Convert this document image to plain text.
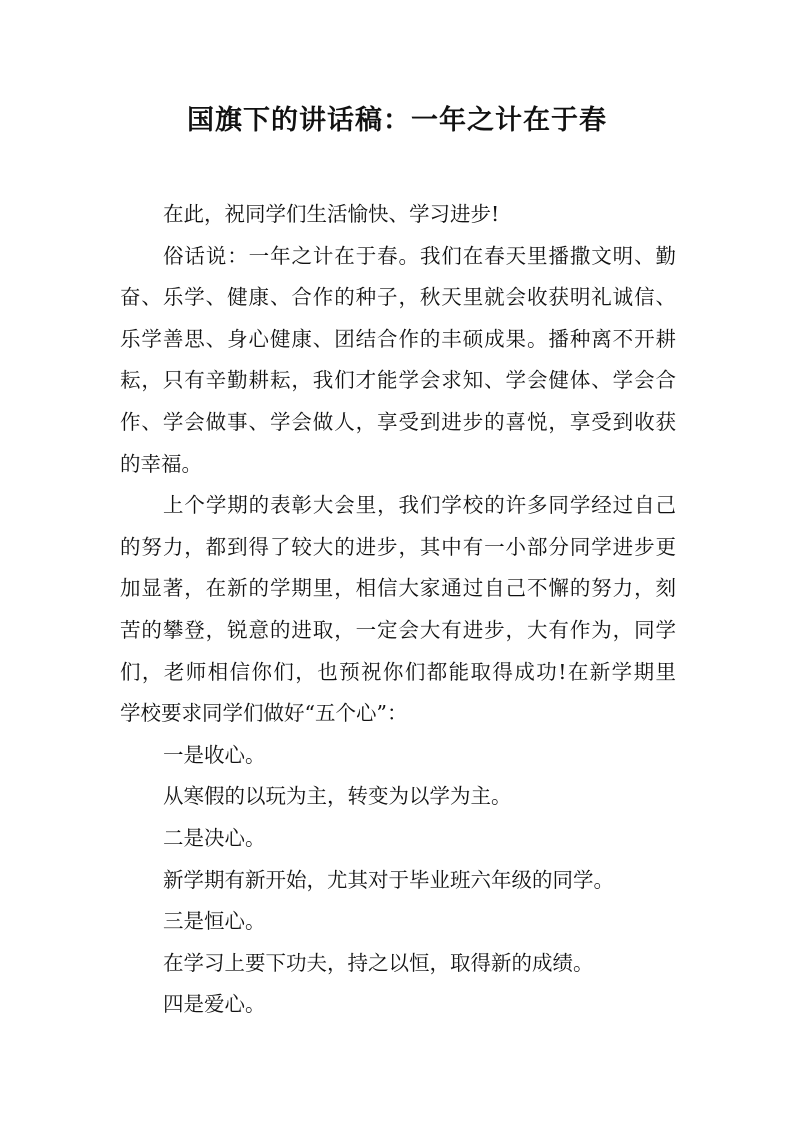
国旗下的讲话稿：一年之计在于春
在此，祝同学们生活愉快、学习进步!
俗话说：一年之计在于春。我们在春天里播撒文明、勤
奋、乐学、健康、合作的种子，秋天里就会收获明礼诚信、
乐学善思、身心健康、团结合作的丰硕成果。播种离不开耕
耘，只有辛勤耕耘，我们才能学会求知、学会健体、学会合
作、学会做事、学会做人，享受到进步的喜悦，享受到收获
的幸福。
上个学期的表彰大会里，我们学校的许多同学经过自己
的努力，都到得了较大的进步，其中有一小部分同学进步更
加显著，在新的学期里，相信大家通过自己不懈的努力，刻
苦的攀登，锐意的进取，一定会大有进步，大有作为，同学
们，老师相信你们，也预祝你们都能取得成功!在新学期里
学校要求同学们做好“五个心”：
一是收心。
从寒假的以玩为主，转变为以学为主。
二是决心。
新学期有新开始，尤其对于毕业班六年级的同学。
三是恒心。
在学习上要下功夫，持之以恒，取得新的成绩。
四是爱心。
